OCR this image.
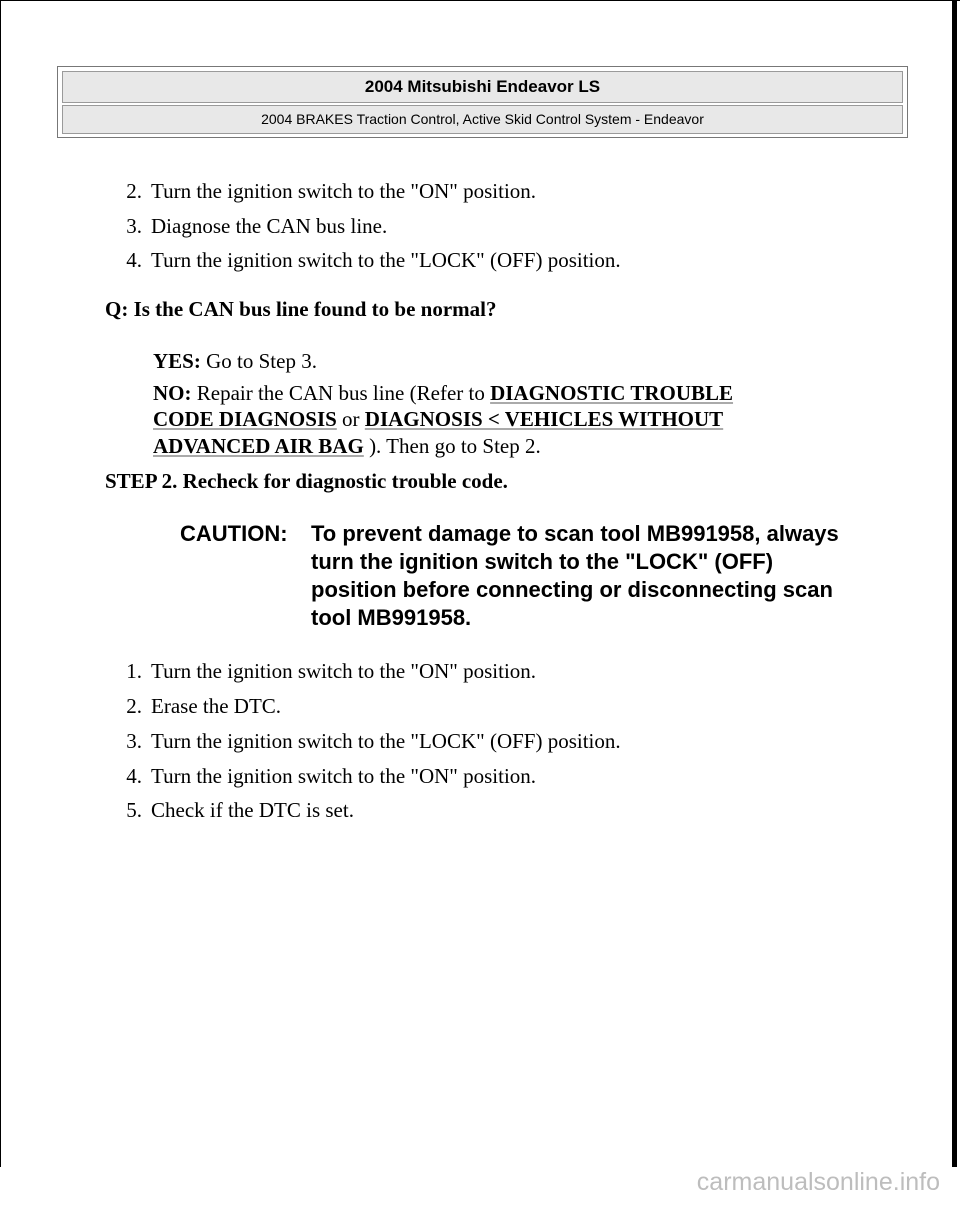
2004 Mitsubishi Endeavor LS
2004 BRAKES Traction Control, Active Skid Control System - Endeavor
2. Turn the ignition switch to the "ON" position.
3. Diagnose the CAN bus line.
4. Turn the ignition switch to the "LOCK" (OFF) position.
Q: Is the CAN bus line found to be normal?
YES: Go to Step 3.
NO: Repair the CAN bus line (Refer to DIAGNOSTIC TROUBLE
CODE DIAGNOSIS or DIAGNOSIS < VEHICLES WITHOUT
ADVANCED AIR BAG ). Then go to Step 2.
STEP 2. Recheck for diagnostic trouble code.
CAUTION: To prevent damage to scan tool MB991958, always turn the ignition switch to the "LOCK" (OFF) position before connecting or disconnecting scan tool MB991958.
1. Turn the ignition switch to the "ON" position.
2. Erase the DTC.
3. Turn the ignition switch to the "LOCK" (OFF) position.
4. Turn the ignition switch to the "ON" position.
5. Check if the DTC is set.
carmanualsonline.info
